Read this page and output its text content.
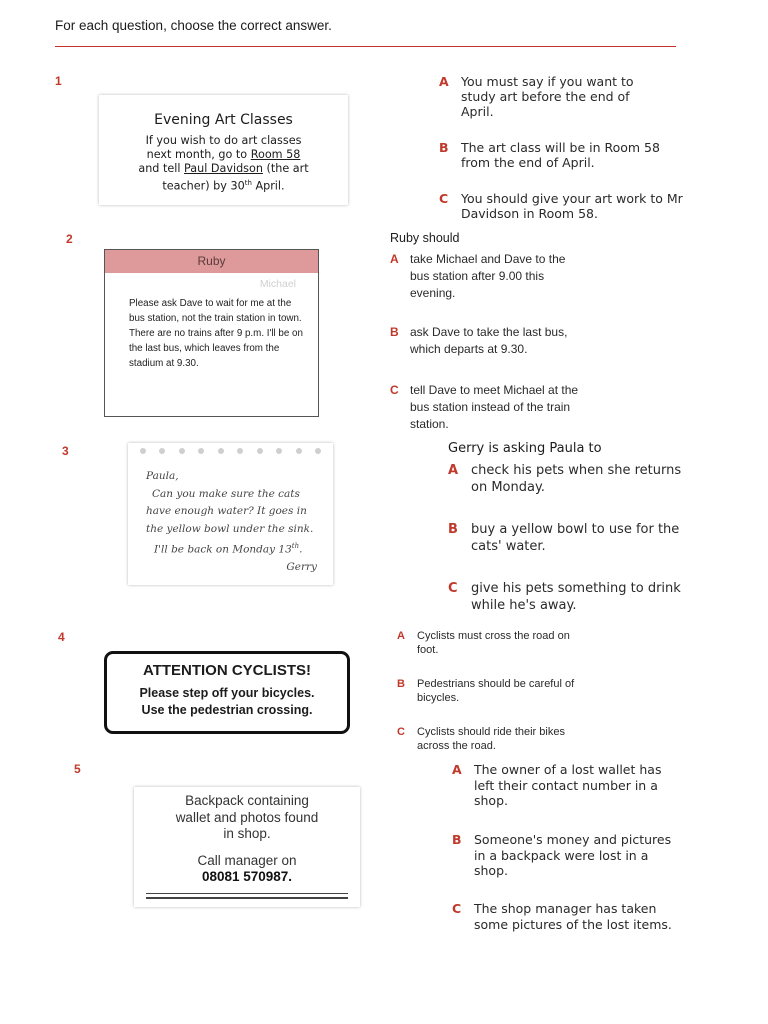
For each question, choose the correct answer.
1
Evening Art Classes
If you wish to do art classes
next month, go to Room 58
and tell Paul Davidson (the art
teacher) by 30th April.
A You must say if you want to study art before the end of April.
B The art class will be in Room 58 from the end of April.
C You should give your art work to Mr Davidson in Room 58.
2
Ruby
Michael
Please ask Dave to wait for me at the bus station, not the train station in town. There are no trains after 9 p.m. I'll be on the last bus, which leaves from the stadium at 9.30.
Ruby should
A take Michael and Dave to the bus station after 9.00 this evening.
B ask Dave to take the last bus, which departs at 9.30.
C tell Dave to meet Michael at the bus station instead of the train station.
3
Paula,
Can you make sure the cats
have enough water? It goes in
the yellow bowl under the sink.
I'll be back on Monday 13th.
Gerry
Gerry is asking Paula to
A check his pets when she returns on Monday.
B buy a yellow bowl to use for the cats' water.
C give his pets something to drink while he's away.
4
ATTENTION CYCLISTS!
Please step off your bicycles.
Use the pedestrian crossing.
A Cyclists must cross the road on foot.
B Pedestrians should be careful of bicycles.
C Cyclists should ride their bikes across the road.
5
Backpack containing
wallet and photos found
in shop.
Call manager on
08081 570987.
A The owner of a lost wallet has left their contact number in a shop.
B Someone's money and pictures in a backpack were lost in a shop.
C The shop manager has taken some pictures of the lost items.
